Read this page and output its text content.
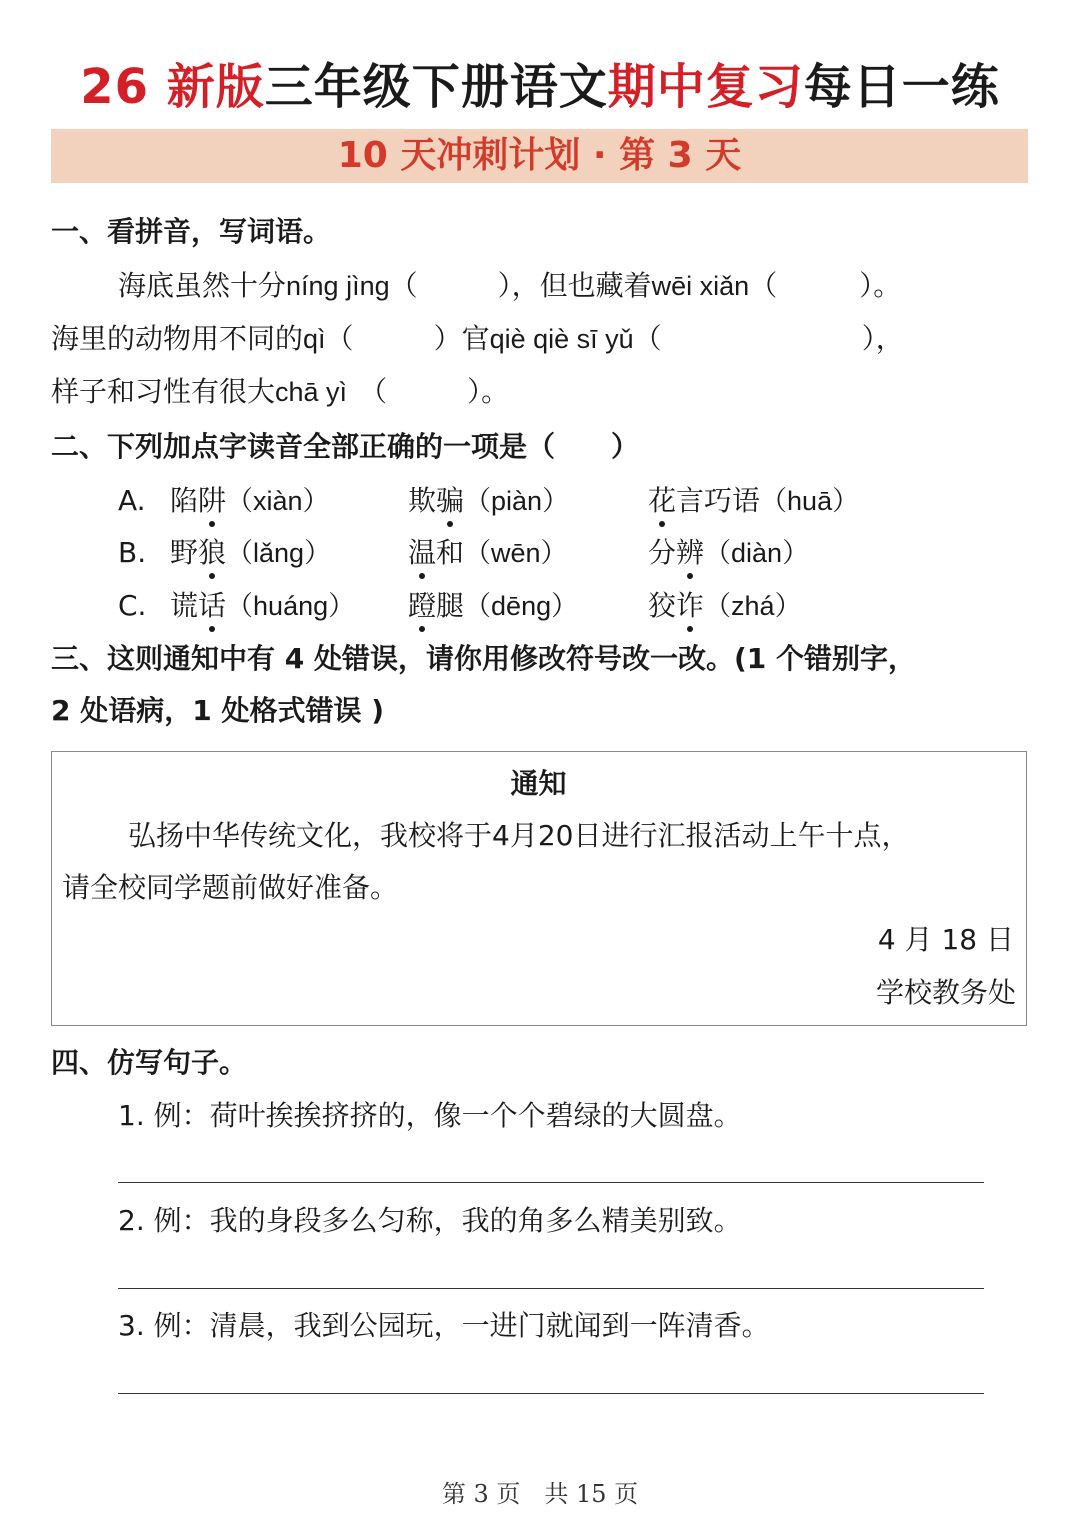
26 新版三年级下册语文期中复习每日一练
10 天冲刺计划 · 第 3 天
一、看拼音，写词语。
海底虽然十分níng jìng（	），但也藏着wēi xiǎn（	）。
海里的动物用不同的qì（	）官qiè qiè sī yǔ（	），
样子和习性有很大chā yì （	）。
二、下列加点字读音全部正确的一项是（　　）
A. 陷阱（xiàn）	欺骗（piàn）	花言巧语（huā）
B. 野狼（lǎng）	温和（wēn）	分辨（diàn）
C. 谎话（huáng） 蹬腿（dēng） 狡诈（zhá）
三、这则通知中有 4 处错误，请你用修改符号改一改。(1 个错别字，
2 处语病，1 处格式错误 )
通知
弘扬中华传统文化，我校将于4月20日进行汇报活动上午十点，
请全校同学题前做好准备。
4 月 18 日
学校教务处
四、仿写句子。
1. 例：荷叶挨挨挤挤的，像一个个碧绿的大圆盘。
2. 例：我的身段多么匀称，我的角多么精美别致。
3. 例：清晨，我到公园玩，一进门就闻到一阵清香。
第 3 页　共 15 页
